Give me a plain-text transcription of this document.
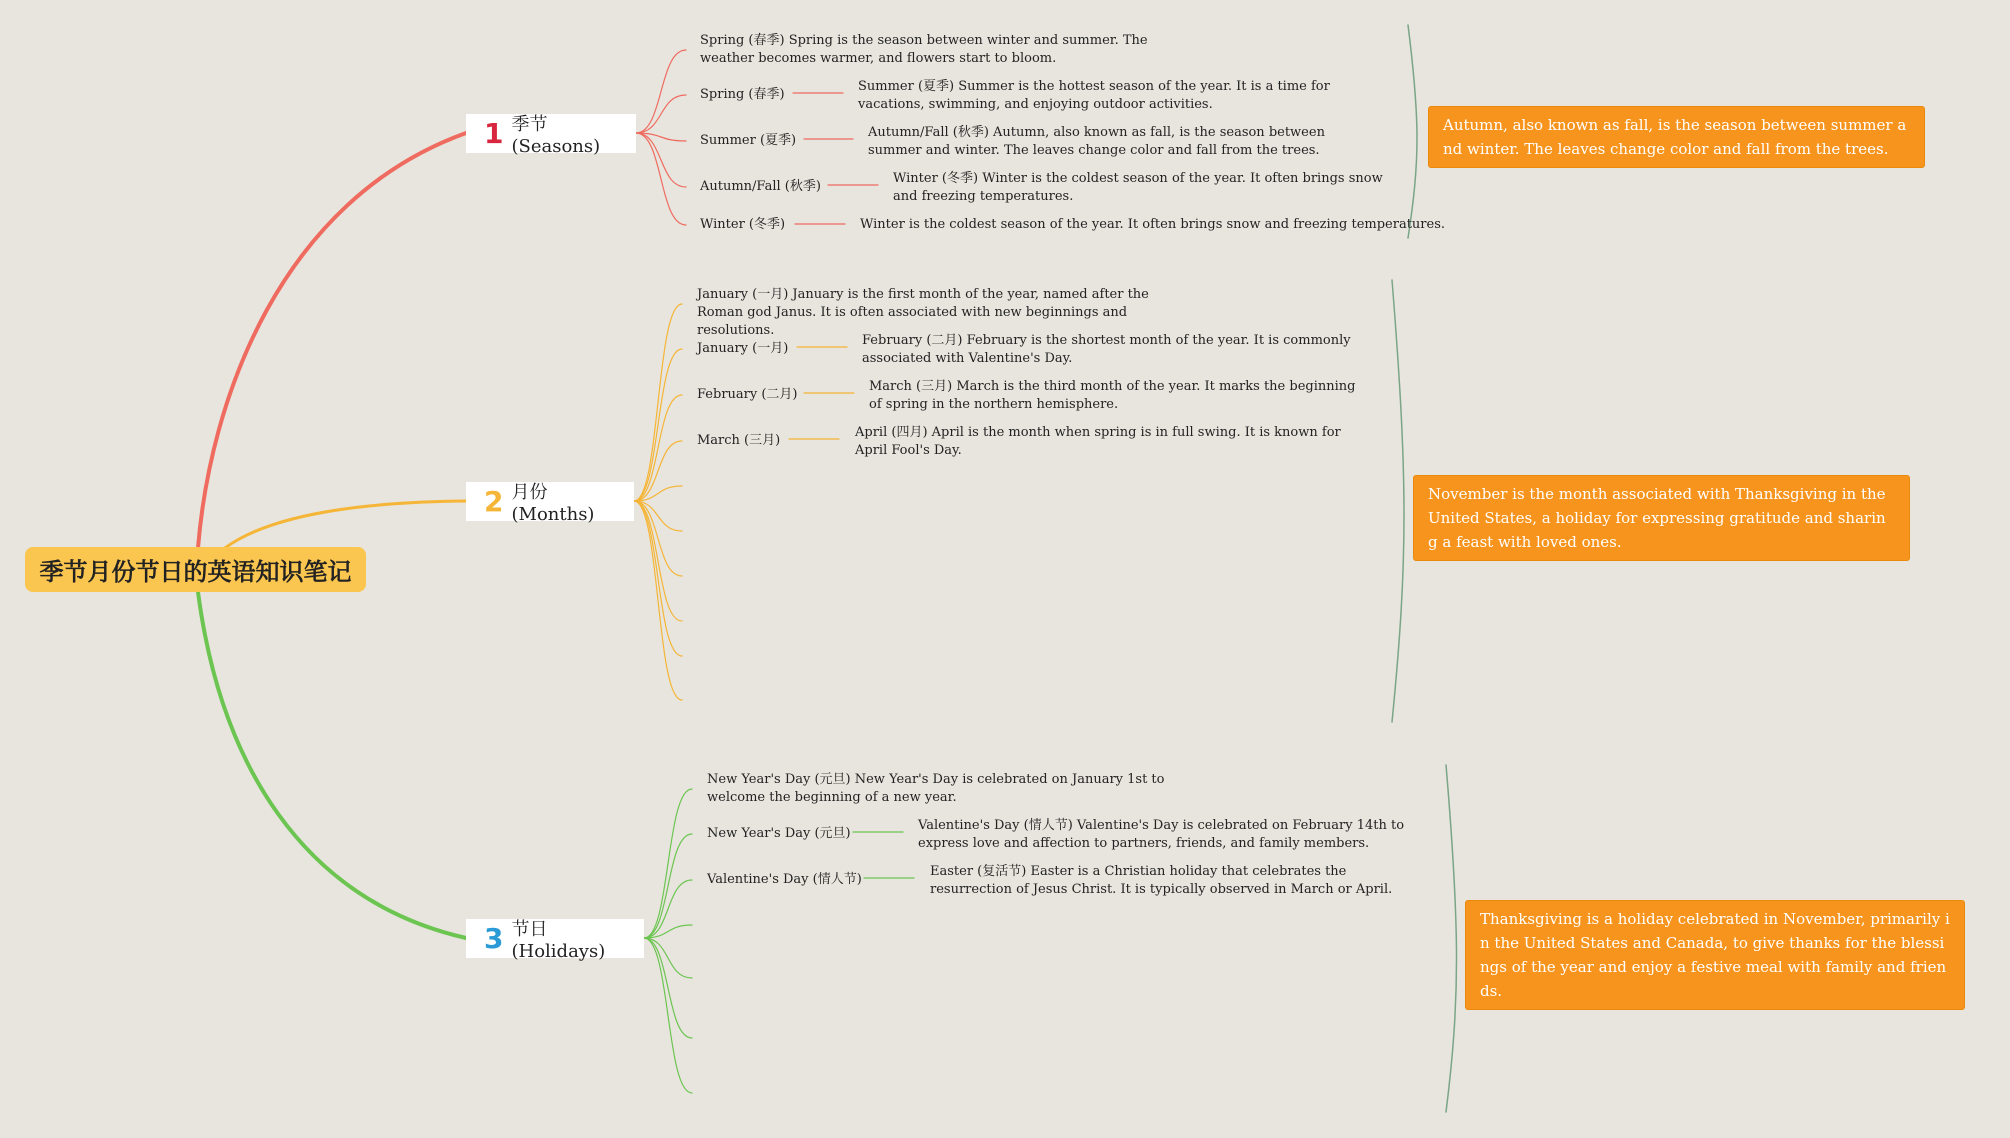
季节月份节日的英语知识笔记
1 季节 (Seasons)
Spring (春季) Spring is the season between winter and summer. The weather becomes warmer, and flowers start to bloom.
Spring (春季)
Summer (夏季) Summer is the hottest season of the year. It is a time for vacations, swimming, and enjoying outdoor activities.
Summer (夏季)
Autumn/Fall (秋季) Autumn, also known as fall, is the season between summer and winter. The leaves change color and fall from the trees.
Autumn/Fall (秋季)
Winter (冬季) Winter is the coldest season of the year. It often brings snow and freezing temperatures.
Winter (冬季)	Winter is the coldest season of the year. It often brings snow and freezing temperatures.
Autumn, also known as fall, is the season between summer and winter. The leaves change color and fall from the trees.
2 月份 (Months)
January (一月) January is the first month of the year, named after the Roman god Janus. It is often associated with new beginnings and resolutions.
January (一月)
February (二月) February is the shortest month of the year. It is commonly associated with Valentine's Day.
February (二月)
March (三月) March is the third month of the year. It marks the beginning of spring in the northern hemisphere.
March (三月)
April (四月) April is the month when spring is in full swing. It is known for April Fool's Day.
November is the month associated with Thanksgiving in the United States, a holiday for expressing gratitude and sharing a feast with loved ones.
3 节日 (Holidays)
New Year's Day (元旦) New Year's Day is celebrated on January 1st to welcome the beginning of a new year.
New Year's Day (元旦)
Valentine's Day (情人节) Valentine's Day is celebrated on February 14th to express love and affection to partners, friends, and family members.
Valentine's Day (情人节)
Easter (复活节) Easter is a Christian holiday that celebrates the resurrection of Jesus Christ. It is typically observed in March or April.
Thanksgiving is a holiday celebrated in November, primarily in the United States and Canada, to give thanks for the blessings of the year and enjoy a festive meal with family and friends.
